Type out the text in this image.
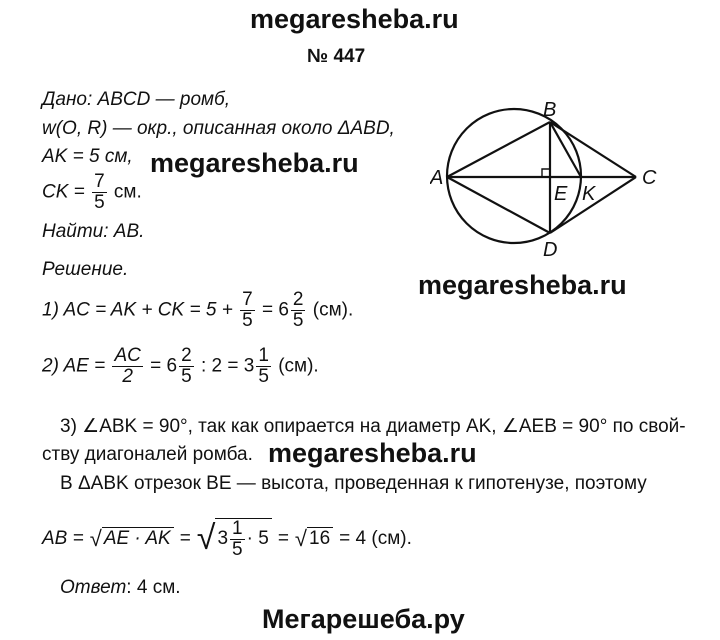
megaresheba.ru
№ 447
Дано: ABCD — ромб,
w(O, R) — окр., описанная около ΔABD,
AK = 5 см, megaresheba.ru
CK = $\frac{7}{5}$ см.
Найти: AB.
Решение.
1) AC = AK + CK = $5 + \frac{7}{5} = 6 \frac{2}{5} (см)$.
2) AE = $\frac{AC}{2} = 6 \frac{2}{5}$ : $2 = 3 \frac{1}{5} (см)$.
3) ∠ABK = 90°, так как опирается на диаметр AK, ∠AEB = 90° по свой-
ству диагоналей ромба. megaresheba.ru
В ΔABK отрезок BE — высота, проведенная к гипотенузе, поэтому
AB = √ AE · AK = √ $3 \frac{1}{5} \cdot 5$ = √ 16 = 4 (см).
Ответ: 4 см.
Мегарешеба.ру
A
B
C
D
E K
megaresheba.ru
